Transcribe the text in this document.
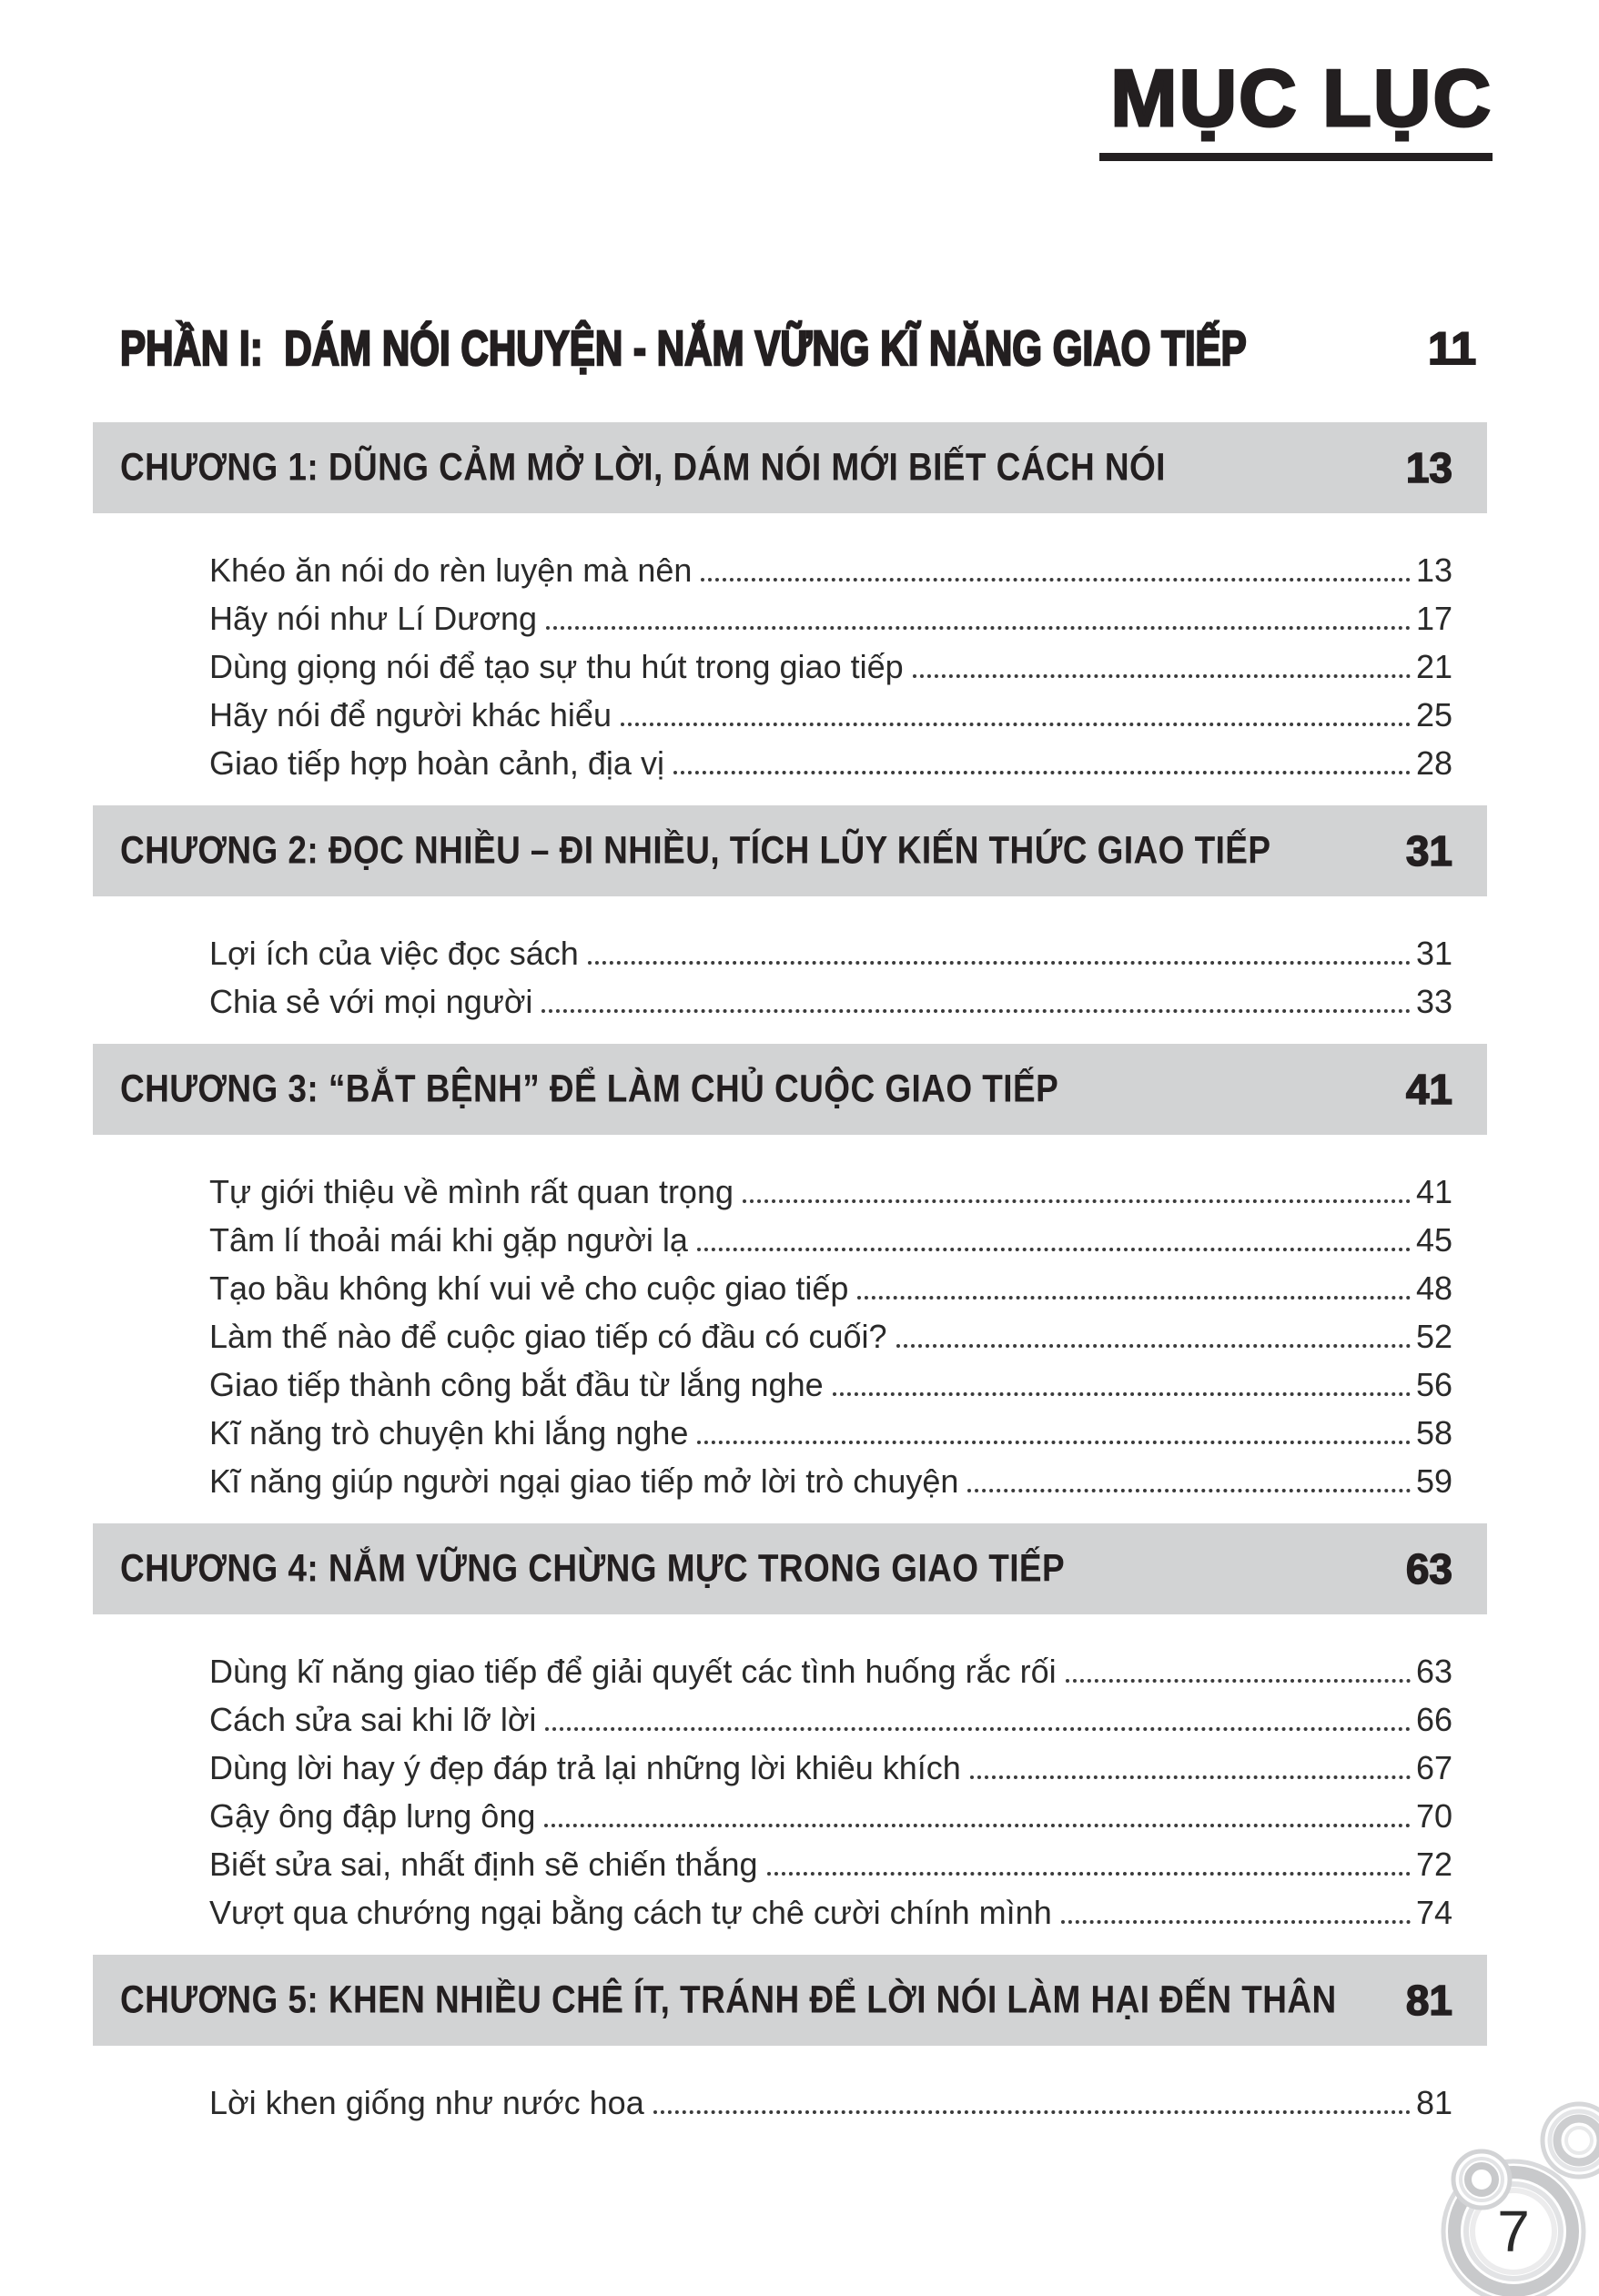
MỤC LỤC
PHẦN I: DÁM NÓI CHUYỆN - NẮM VỮNG KĨ NĂNG GIAO TIẾP	11
CHƯƠNG 1: DŨNG CẢM MỞ LỜI, DÁM NÓI MỚI BIẾT CÁCH NÓI	13
Khéo ăn nói do rèn luyện mà nên	13
Hãy nói như Lí Dương	17
Dùng giọng nói để tạo sự thu hút trong giao tiếp	21
Hãy nói để người khác hiểu	25
Giao tiếp hợp hoàn cảnh, địa vị	28
CHƯƠNG 2: ĐỌC NHIỀU – ĐI NHIỀU, TÍCH LŨY KIẾN THỨC GIAO TIẾP	31
Lợi ích của việc đọc sách	31
Chia sẻ với mọi người	33
CHƯƠNG 3: “BẮT BỆNH” ĐỂ LÀM CHỦ CUỘC GIAO TIẾP	41
Tự giới thiệu về mình rất quan trọng	41
Tâm lí thoải mái khi gặp người lạ	45
Tạo bầu không khí vui vẻ cho cuộc giao tiếp	48
Làm thế nào để cuộc giao tiếp có đầu có cuối?	52
Giao tiếp thành công bắt đầu từ lắng nghe	56
Kĩ năng trò chuyện khi lắng nghe	58
Kĩ năng giúp người ngại giao tiếp mở lời trò chuyện	59
CHƯƠNG 4: NẮM VỮNG CHỪNG MỰC TRONG GIAO TIẾP	63
Dùng kĩ năng giao tiếp để giải quyết các tình huống rắc rối	63
Cách sửa sai khi lỡ lời	66
Dùng lời hay ý đẹp đáp trả lại những lời khiêu khích	67
Gậy ông đập lưng ông	70
Biết sửa sai, nhất định sẽ chiến thắng	72
Vượt qua chướng ngại bằng cách tự chê cười chính mình	74
CHƯƠNG 5: KHEN NHIỀU CHÊ ÍT, TRÁNH ĐỂ LỜI NÓI LÀM HẠI ĐẾN THÂN 81
Lời khen giống như nước hoa	81
7
